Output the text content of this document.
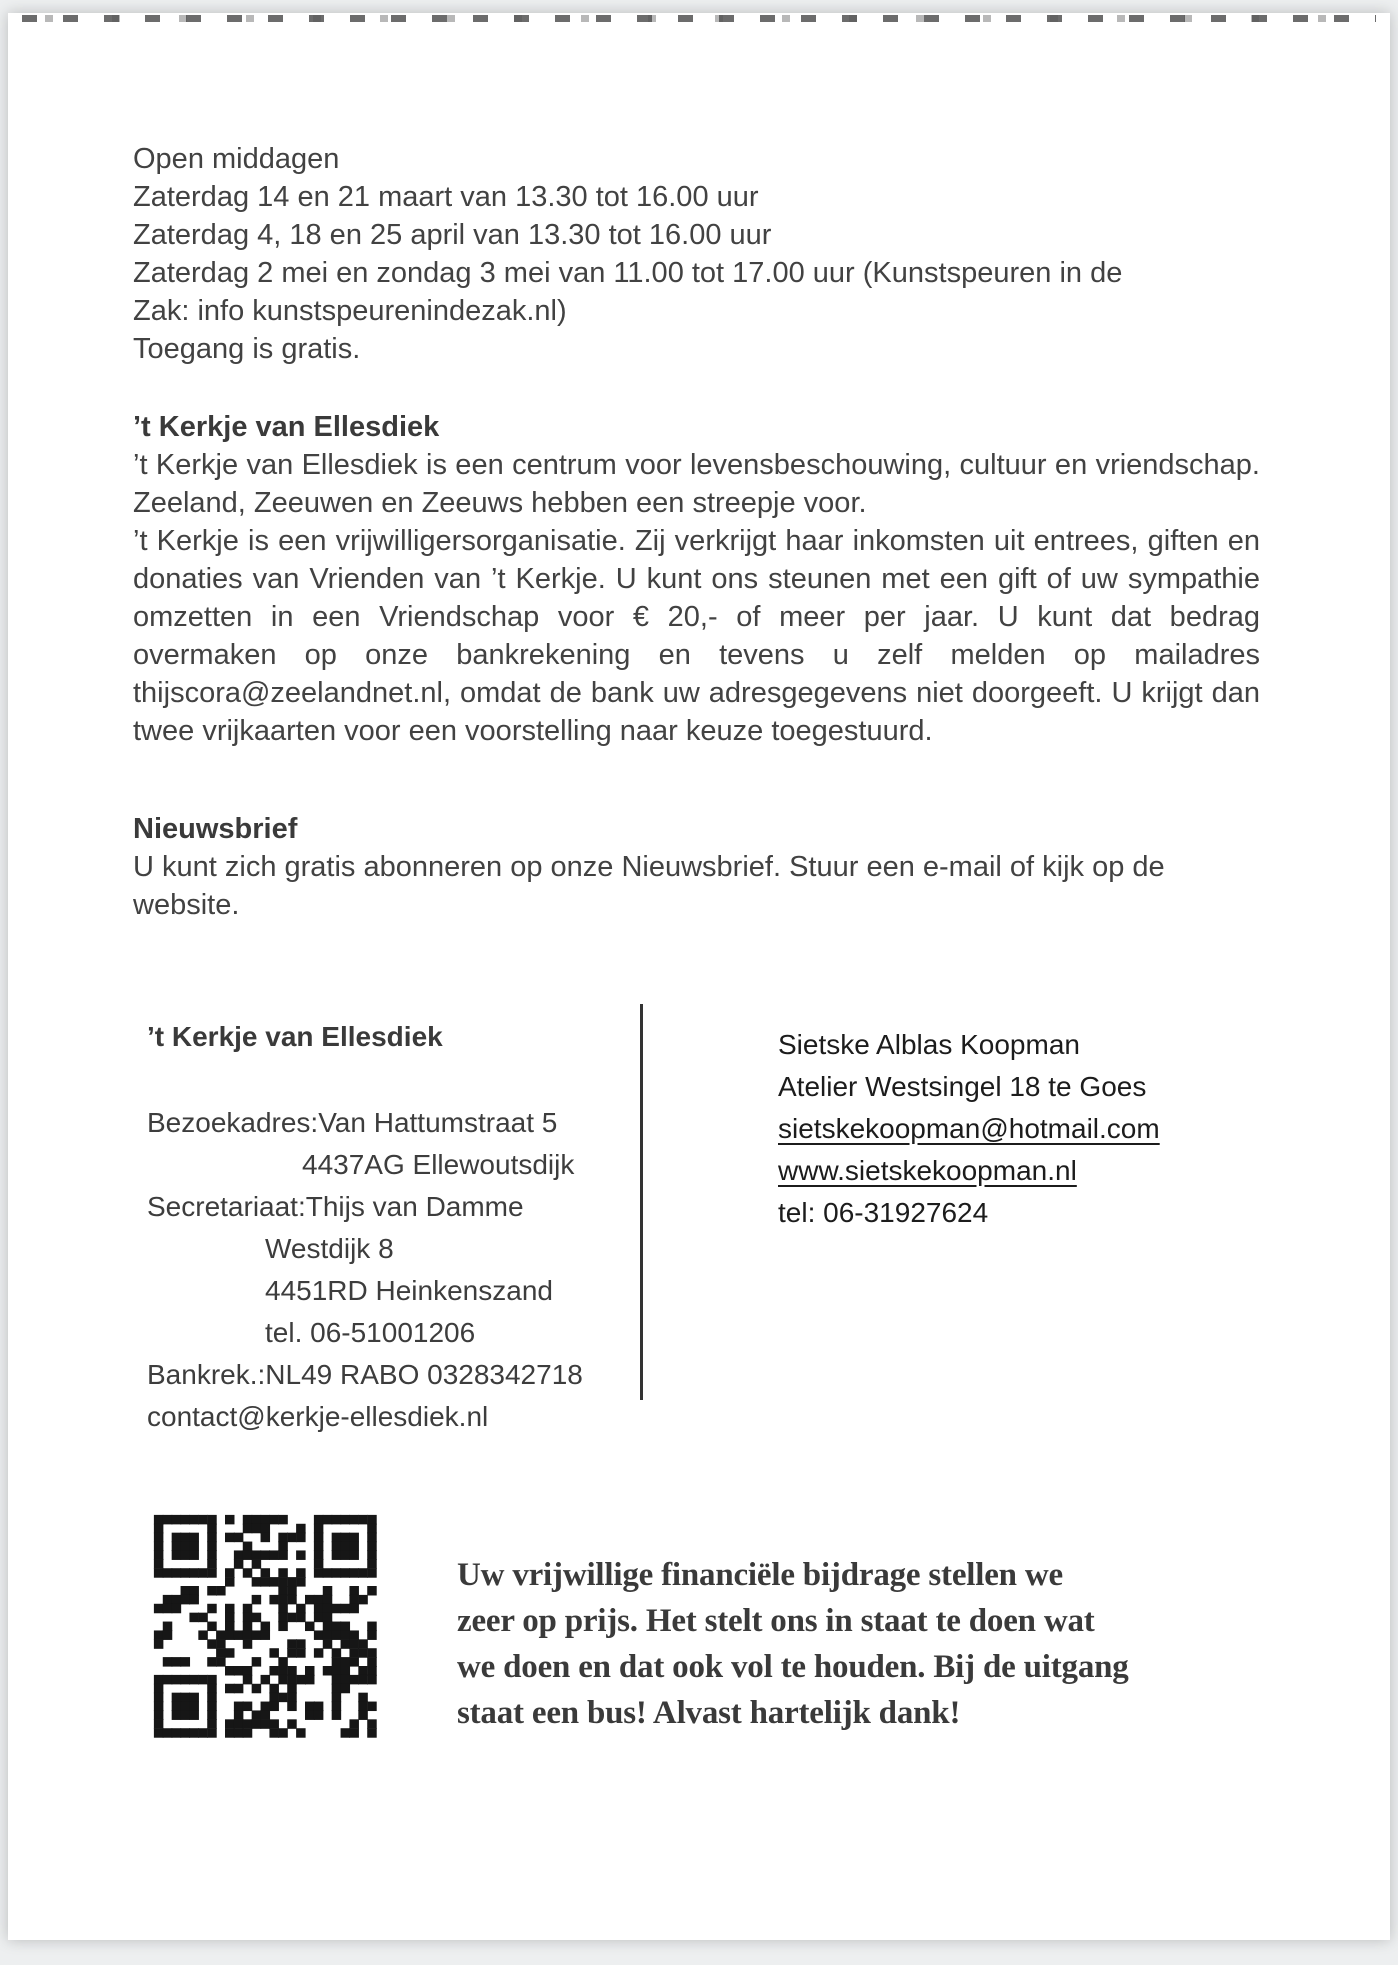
Open middagen
Zaterdag 14 en 21 maart van 13.30 tot 16.00 uur
Zaterdag 4, 18 en 25 april van 13.30 tot 16.00 uur
Zaterdag 2 mei en zondag 3 mei van 11.00 tot 17.00 uur (Kunstspeuren in de
Zak: info kunstspeurenindezak.nl)
Toegang is gratis.
’t Kerkje van Ellesdiek

’t Kerkje van Ellesdiek is een centrum voor levensbeschouwing, cultuur en vriendschap. Zeeland, Zeeuwen en Zeeuws hebben een streepje voor.

’t Kerkje is een vrijwilligersorganisatie. Zij verkrijgt haar inkomsten uit entrees, giften en donaties van Vrienden van ’t Kerkje. U kunt ons steunen met een gift of uw sympathie omzetten in een Vriendschap voor € 20,- of meer per jaar. U kunt dat bedrag overmaken op onze bankrekening en tevens u zelf melden op mailadres thijscora@zeelandnet.nl, omdat de bank uw adresgegevens niet doorgeeft. U krijgt dan twee vrijkaarten voor een voorstelling naar keuze toegestuurd.

Nieuwsbrief

U kunt zich gratis abonneren op onze Nieuwsbrief. Stuur een e-mail of kijk op de website.

’t Kerkje van Ellesdiek
Bezoekadres:Van Hattumstraat 5
4437AG Ellewoutsdijk
Secretariaat:Thijs van Damme
Westdijk 8
4451RD Heinkenszand
tel. 06-51001206
Bankrek.:NL49 RABO 0328342718
contact@kerkje-ellesdiek.nl
Sietske Alblas Koopman
Atelier Westsingel 18 te Goes
sietskekoopman@hotmail.com
www.sietskekoopman.nl
tel: 06-31927624
Uw vrijwillige financiële bijdrage stellen we
zeer op prijs. Het stelt ons in staat te doen wat
we doen en dat ook vol te houden. Bij de uitgang
staat een bus! Alvast hartelijk dank!
